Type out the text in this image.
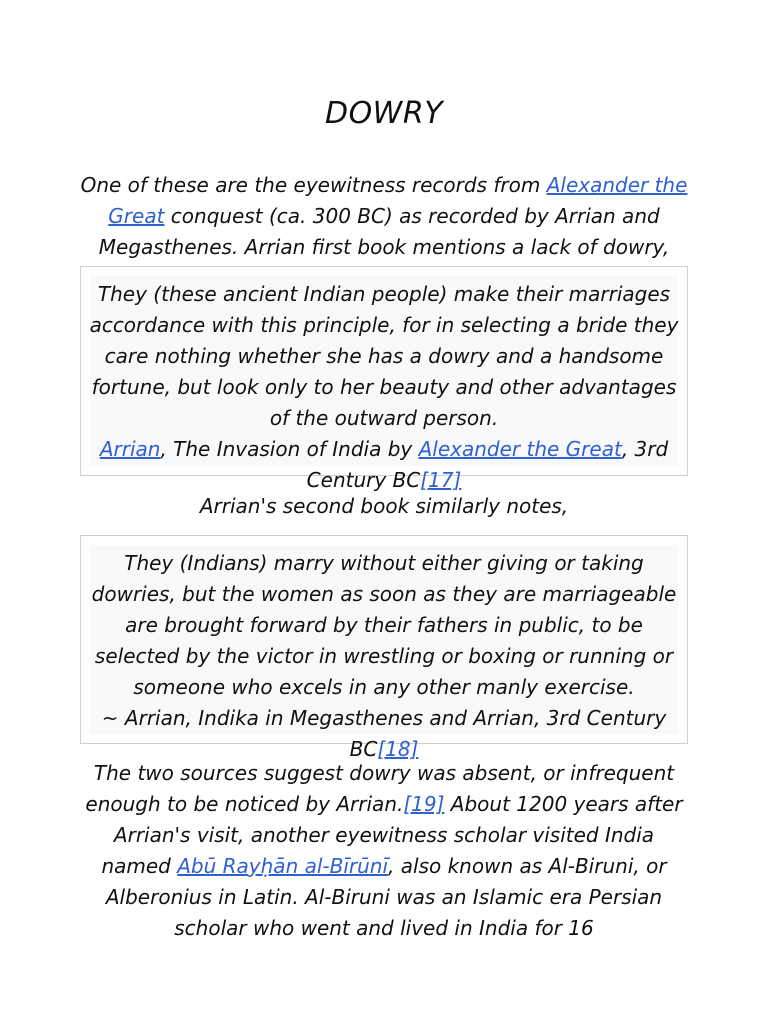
DOWRY

One of these are the eyewitness records from Alexander the Great conquest (ca. 300 BC) as recorded by Arrian and Megasthenes. Arrian first book mentions a lack of dowry,

They (these ancient Indian people) make their marriages accordance with this principle, for in selecting a bride they care nothing whether she has a dowry and a handsome fortune, but look only to her beauty and other advantages of the outward person.
Arrian, The Invasion of India by Alexander the Great, 3rd Century BC[17]

Arrian's second book similarly notes,

They (Indians) marry without either giving or taking dowries, but the women as soon as they are marriageable are brought forward by their fathers in public, to be selected by the victor in wrestling or boxing or running or someone who excels in any other manly exercise.
~ Arrian, Indika in Megasthenes and Arrian, 3rd Century BC[18]

The two sources suggest dowry was absent, or infrequent enough to be noticed by Arrian.[19] About 1200 years after Arrian's visit, another eyewitness scholar visited India named Abū Rayḥān al-Bīrūnī, also known as Al-Biruni, or Alberonius in Latin. Al-Biruni was an Islamic era Persian scholar who went and lived in India for 16
